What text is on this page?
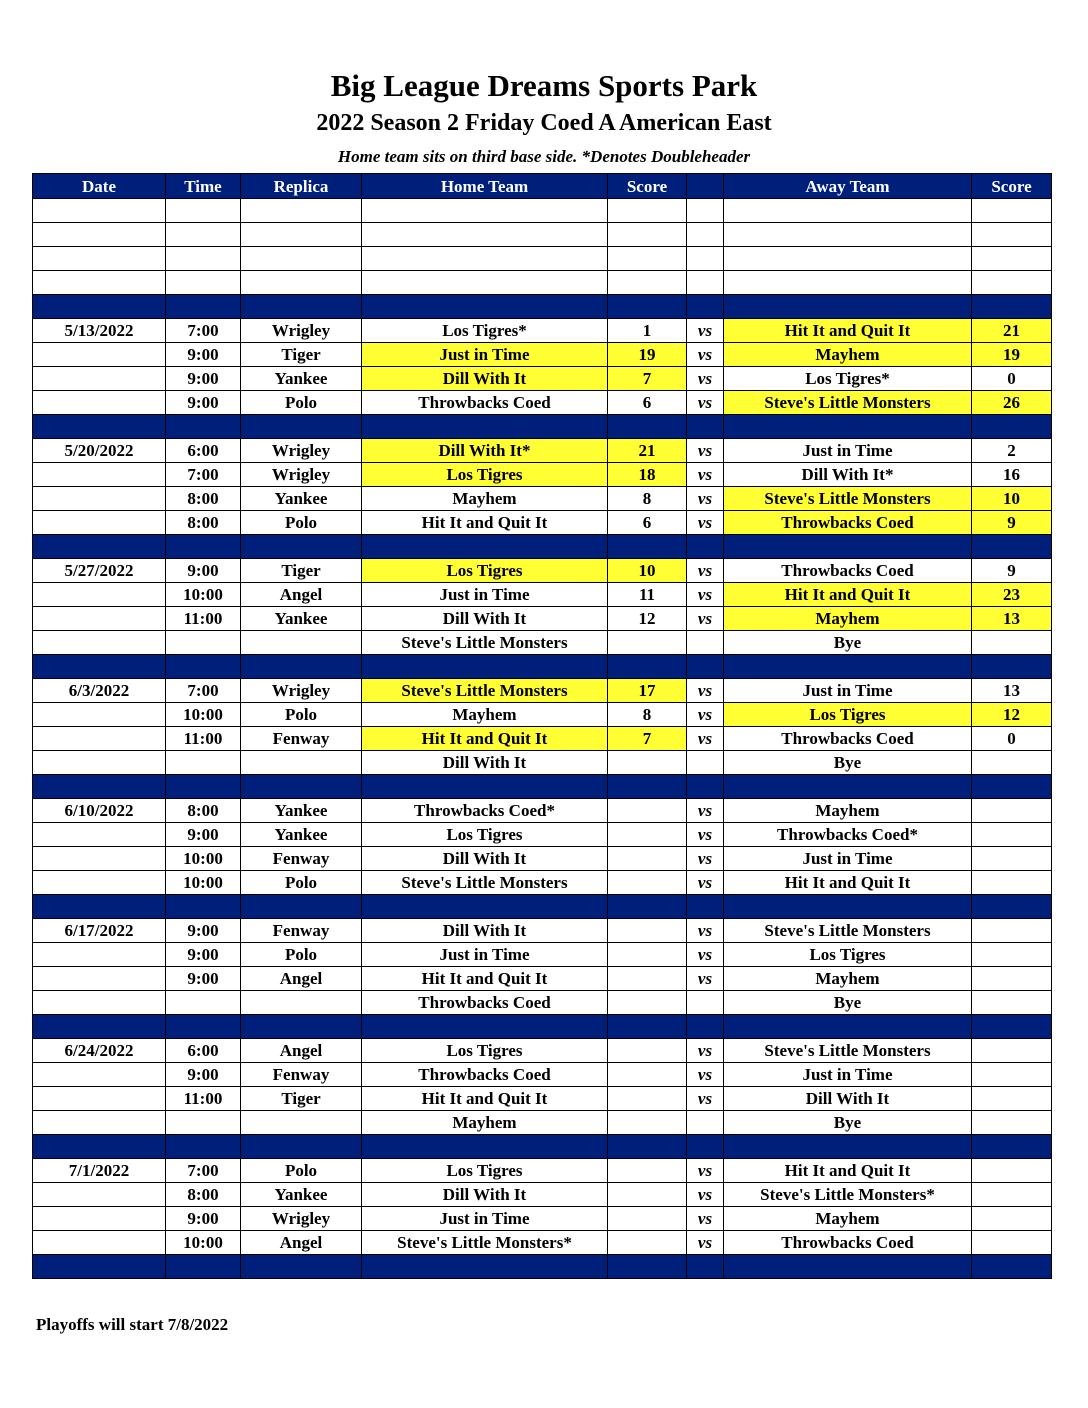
Big League Dreams Sports Park
2022 Season 2 Friday Coed A American East
Home team sits on third base side. *Denotes Doubleheader
Date	Time	Replica	Home Team	Score		Away Team	Score

5/13/2022	7:00	Wrigley	Los Tigres*	1	vs	Hit It and Quit It	21
	9:00	Tiger	Just in Time	19	vs	Mayhem	19
	9:00	Yankee	Dill With It	7	vs	Los Tigres*	0
	9:00	Polo	Throwbacks Coed	6	vs	Steve's Little Monsters	26

5/20/2022	6:00	Wrigley	Dill With It*	21	vs	Just in Time	2
	7:00	Wrigley	Los Tigres	18	vs	Dill With It*	16
	8:00	Yankee	Mayhem	8	vs	Steve's Little Monsters	10
	8:00	Polo	Hit It and Quit It	6	vs	Throwbacks Coed	9

5/27/2022	9:00	Tiger	Los Tigres	10	vs	Throwbacks Coed	9
	10:00	Angel	Just in Time	11	vs	Hit It and Quit It	23
	11:00	Yankee	Dill With It	12	vs	Mayhem	13
			Steve's Little Monsters			Bye	

6/3/2022	7:00	Wrigley	Steve's Little Monsters	17	vs	Just in Time	13
	10:00	Polo	Mayhem	8	vs	Los Tigres	12
	11:00	Fenway	Hit It and Quit It	7	vs	Throwbacks Coed	0
			Dill With It			Bye	

6/10/2022	8:00	Yankee	Throwbacks Coed*		vs	Mayhem	
	9:00	Yankee	Los Tigres		vs	Throwbacks Coed*	
	10:00	Fenway	Dill With It		vs	Just in Time	
	10:00	Polo	Steve's Little Monsters		vs	Hit It and Quit It	

6/17/2022	9:00	Fenway	Dill With It		vs	Steve's Little Monsters	
	9:00	Polo	Just in Time		vs	Los Tigres	
	9:00	Angel	Hit It and Quit It		vs	Mayhem	
			Throwbacks Coed			Bye	

6/24/2022	6:00	Angel	Los Tigres		vs	Steve's Little Monsters	
	9:00	Fenway	Throwbacks Coed		vs	Just in Time	
	11:00	Tiger	Hit It and Quit It		vs	Dill With It	
			Mayhem			Bye	

7/1/2022	7:00	Polo	Los Tigres		vs	Hit It and Quit It	
	8:00	Yankee	Dill With It		vs	Steve's Little Monsters*	
	9:00	Wrigley	Just in Time		vs	Mayhem	
	10:00	Angel	Steve's Little Monsters*		vs	Throwbacks Coed	

Playoffs will start 7/8/2022
